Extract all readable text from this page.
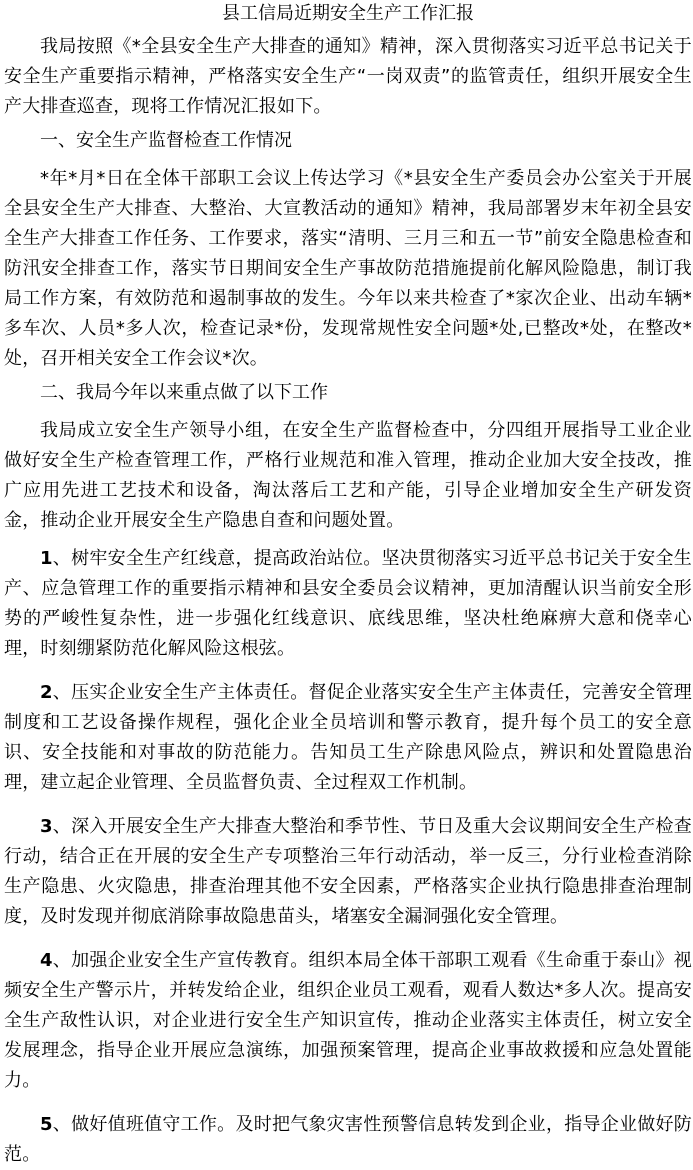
县工信局近期安全生产工作汇报

我局按照《*全县安全生产大排查的通知》精神，深入贯彻落实习近平总书记关于安全生产重要指示精神，严格落实安全生产“一岗双责”的监管责任，组织开展安全生产大排查巡查，现将工作情况汇报如下。

一、安全生产监督检查工作情况

*年*月*日在全体干部职工会议上传达学习《*县安全生产委员会办公室关于开展全县安全生产大排查、大整治、大宣教活动的通知》精神，我局部署岁末年初全县安全生产大排查工作任务、工作要求，落实“清明、三月三和五一节”前安全隐患检查和防汛安全排查工作，落实节日期间安全生产事故防范措施提前化解风险隐患，制订我局工作方案，有效防范和遏制事故的发生。今年以来共检查了*家次企业、出动车辆*多车次、人员*多人次，检查记录*份，发现常规性安全问题*处,已整改*处，在整改*处，召开相关安全工作会议*次。

二、我局今年以来重点做了以下工作

我局成立安全生产领导小组，在安全生产监督检查中，分四组开展指导工业企业做好安全生产检查管理工作，严格行业规范和准入管理，推动企业加大安全技改，推广应用先进工艺技术和设备，淘汰落后工艺和产能，引导企业增加安全生产研发资金，推动企业开展安全生产隐患自查和问题处置。

1、树牢安全生产红线意，提高政治站位。坚决贯彻落实习近平总书记关于安全生产、应急管理工作的重要指示精神和县安全委员会议精神，更加清醒认识当前安全形势的严峻性复杂性，进一步强化红线意识、底线思维，坚决杜绝麻痹大意和侥幸心理，时刻绷紧防范化解风险这根弦。

2、压实企业安全生产主体责任。督促企业落实安全生产主体责任，完善安全管理制度和工艺设备操作规程，强化企业全员培训和警示教育，提升每个员工的安全意识、安全技能和对事故的防范能力。告知员工生产除患风险点，辨识和处置隐患治理，建立起企业管理、全员监督负责、全过程双工作机制。

3、深入开展安全生产大排查大整治和季节性、节日及重大会议期间安全生产检查行动，结合正在开展的安全生产专项整治三年行动活动，举一反三，分行业检查消除生产隐患、火灾隐患，排查治理其他不安全因素，严格落实企业执行隐患排查治理制度，及时发现并彻底消除事故隐患苗头，堵塞安全漏洞强化安全管理。

4、加强企业安全生产宣传教育。组织本局全体干部职工观看《生命重于泰山》视频安全生产警示片，并转发给企业，组织企业员工观看，观看人数达*多人次。提高安全生产敌性认识，对企业进行安全生产知识宣传，推动企业落实主体责任，树立安全发展理念，指导企业开展应急演练，加强预案管理，提高企业事故救援和应急处置能力。

5、做好值班值守工作。及时把气象灾害性预警信息转发到企业，指导企业做好防范。
